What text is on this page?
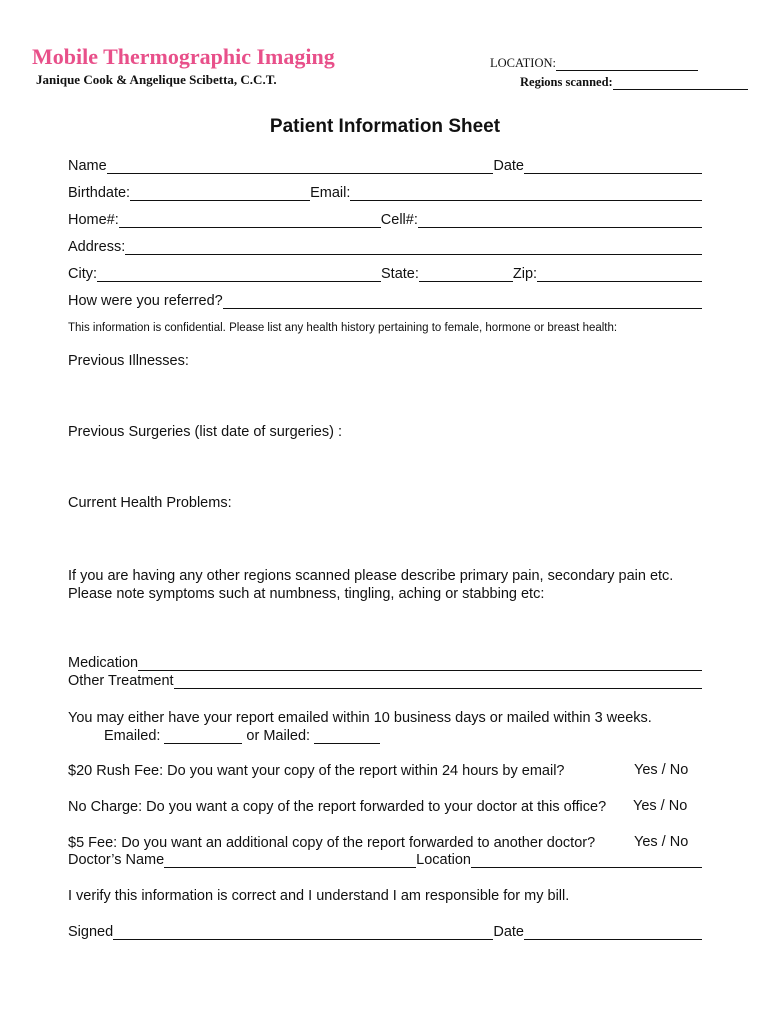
Mobile Thermographic Imaging
Janique Cook & Angelique Scibetta, C.C.T.
LOCATION:
Regions scanned:
Patient Information Sheet
Name	Date
Birthdate:	Email:
Home#:	Cell#:
Address:
City:	State:	Zip:
How were you referred?
This information is confidential. Please list any health history pertaining to female, hormone or breast health:
Previous Illnesses:
Previous Surgeries (list date of surgeries) :
Current Health Problems:
If you are having any other regions scanned please describe primary pain, secondary pain etc.
Please note symptoms such at numbness, tingling, aching or stabbing etc:
Medication
Other Treatment
You may either have your report emailed within 10 business days or mailed within 3 weeks.
Emailed:	or Mailed:
$20 Rush Fee: Do you want your copy of the report within 24 hours by email?	Yes / No
No Charge: Do you want a copy of the report forwarded to your doctor at this office?	Yes / No
$5 Fee: Do you want an additional copy of the report forwarded to another doctor?	Yes / No
Doctor’s Name	Location
I verify this information is correct and I understand I am responsible for my bill.
Signed	Date
